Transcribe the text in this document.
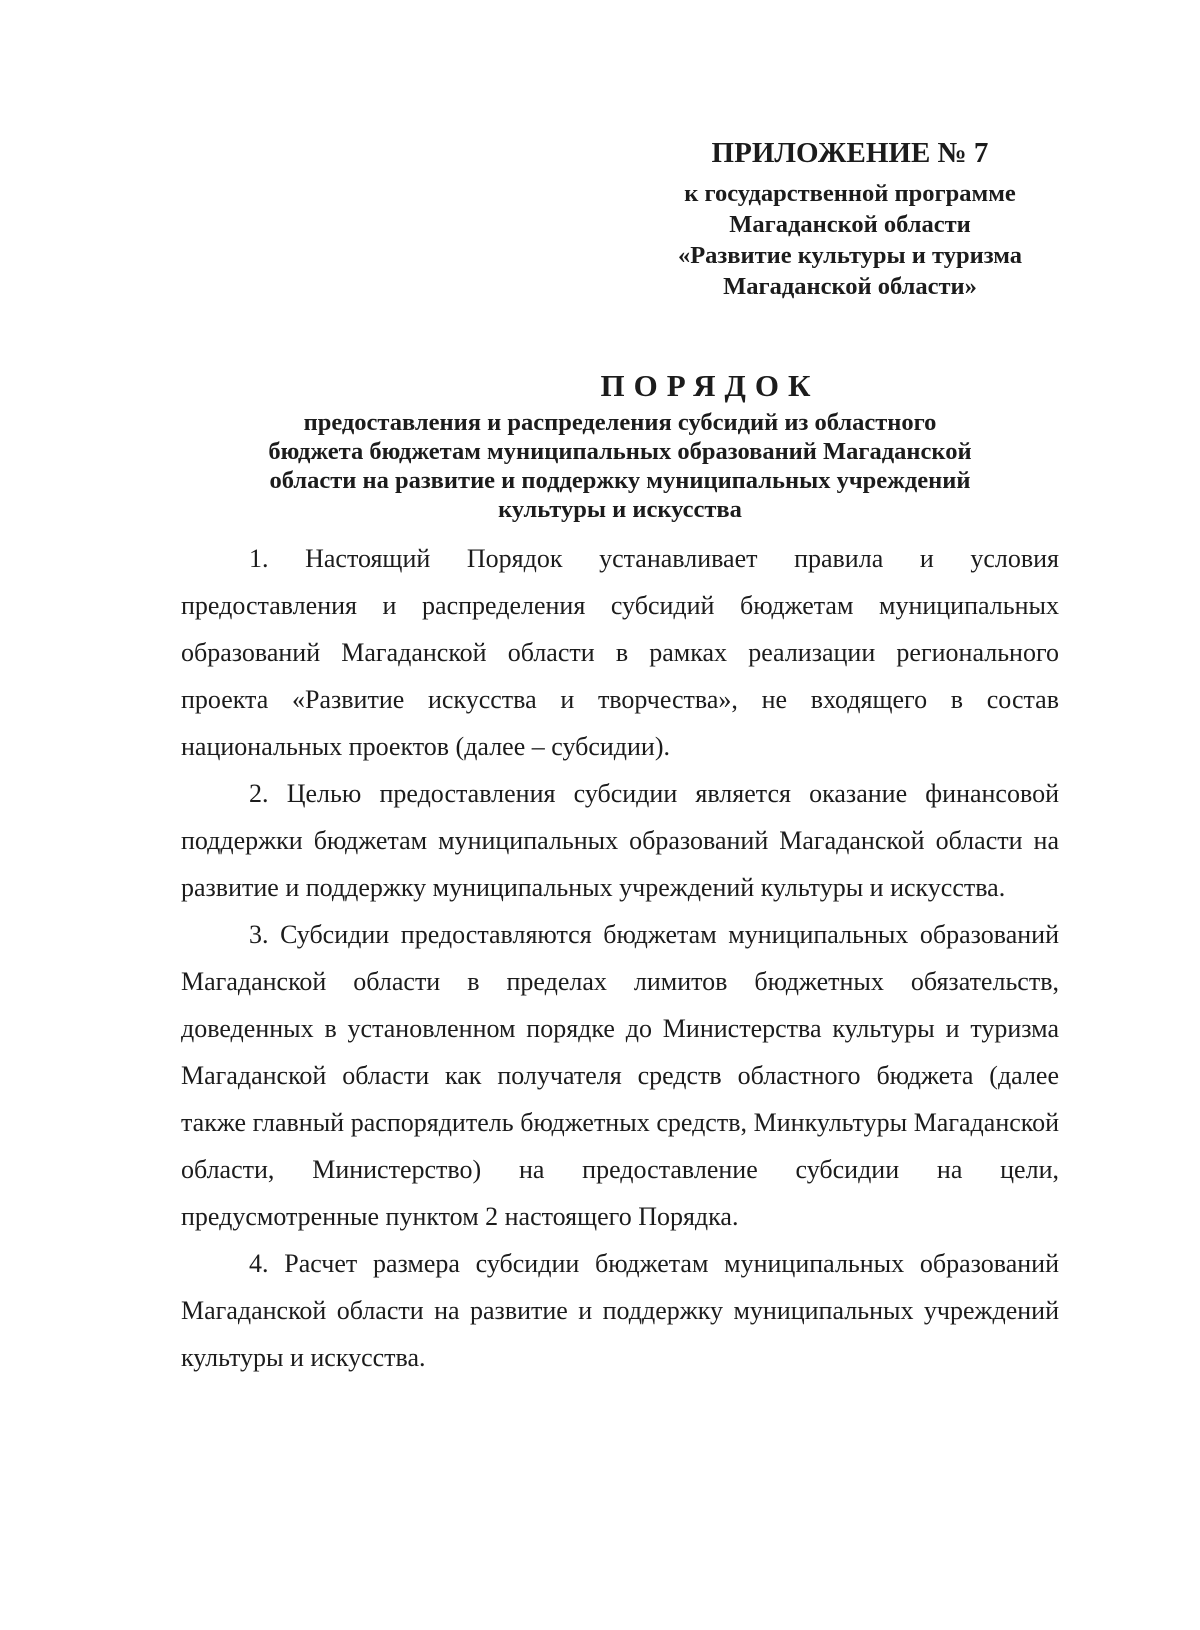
ПРИЛОЖЕНИЕ № 7
к государственной программе
Магаданской области
«Развитие культуры и туризма
Магаданской области»
ПОРЯДОК
предоставления и распределения субсидий из областного
бюджета бюджетам муниципальных образований Магаданской
области на развитие и поддержку муниципальных учреждений
культуры и искусства

1. Настоящий Порядок устанавливает правила и условия предоставления и распределения субсидий бюджетам муниципальных образований Магаданской области в рамках реализации регионального проекта «Развитие искусства и творчества», не входящего в состав национальных проектов (далее – субсидии).

2. Целью предоставления субсидии является оказание финансовой поддержки бюджетам муниципальных образований Магаданской области на развитие и поддержку муниципальных учреждений культуры и искусства.

3. Субсидии предоставляются бюджетам муниципальных образований Магаданской области в пределах лимитов бюджетных обязательств, доведенных в установленном порядке до Министерства культуры и туризма Магаданской области как получателя средств областного бюджета (далее также главный распорядитель бюджетных средств, Минкультуры Магаданской области, Министерство) на предоставление субсидии на цели, предусмотренные пунктом 2 настоящего Порядка.

4. Расчет размера субсидии бюджетам муниципальных образований Магаданской области на развитие и поддержку муниципальных учреждений культуры и искусства.
